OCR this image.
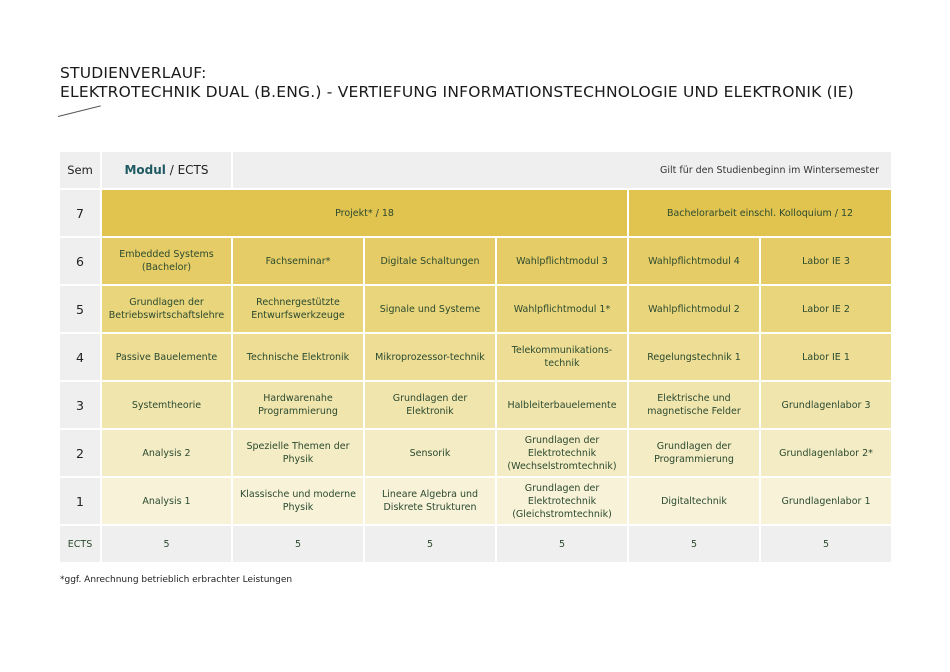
STUDIENVERLAUF:
ELEKTROTECHNIK DUAL (B.ENG.) - VERTIEFUNG INFORMATIONSTECHNOLOGIE UND ELEKTRONIK (IE)
Sem	Modul / ECTS	Gilt für den Studienbeginn im Wintersemester				
7	Projekt* / 18				Bachelorarbeit einschl. Kolloquium / 12	
6	Embedded Systems (Bachelor)	Fachseminar*	Digitale Schaltungen	Wahlpflichtmodul 3	Wahlpflichtmodul 4	Labor IE 3
5	Grundlagen der Betriebswirtschaftslehre	Rechnergestützte Entwurfswerkzeuge	Signale und Systeme	Wahlpflichtmodul 1*	Wahlpflichtmodul 2	Labor IE 2
4	Passive Bauelemente	Technische Elektronik	Mikroprozessor-technik	Telekommunikations-technik	Regelungstechnik 1	Labor IE 1
3	Systemtheorie	Hardwarenahe Programmierung	Grundlagen der Elektronik	Halbleiterbauelemente	Elektrische und magnetische Felder	Grundlagenlabor 3
2	Analysis 2	Spezielle Themen der Physik	Sensorik	Grundlagen der Elektrotechnik (Wechselstromtechnik)	Grundlagen der Programmierung	Grundlagenlabor 2*
1	Analysis 1	Klassische und moderne Physik	Lineare Algebra und Diskrete Strukturen	Grundlagen der Elektrotechnik (Gleichstromtechnik)	Digitaltechnik	Grundlagenlabor 1
ECTS	5	5	5	5	5	5

*ggf. Anrechnung betrieblich erbrachter Leistungen
